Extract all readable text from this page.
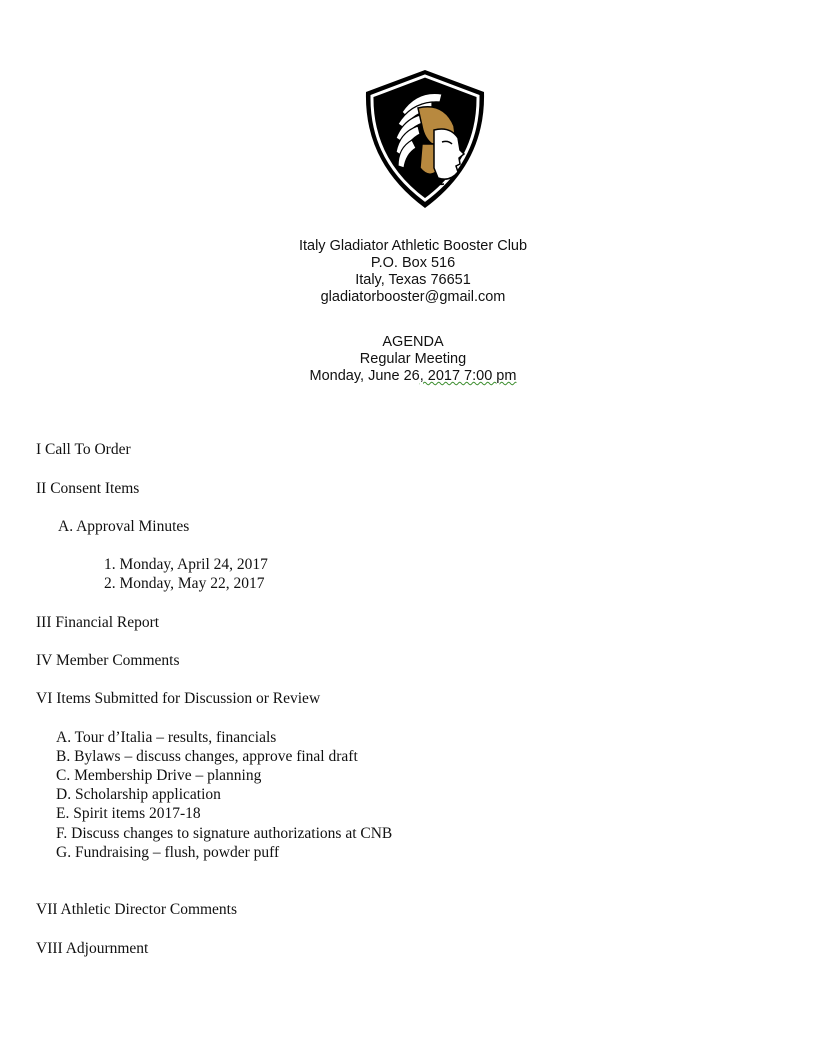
Italy Gladiator Athletic Booster Club
P.O. Box 516
Italy, Texas 76651
gladiatorbooster@gmail.com
AGENDA
Regular Meeting
Monday, June 26, 2017 7:00 pm
I Call To Order
II Consent Items
A. Approval Minutes
1. Monday, April 24, 2017
2. Monday, May 22, 2017
III Financial Report
IV Member Comments
VI Items Submitted for Discussion or Review
A. Tour d’Italia – results, financials
B. Bylaws – discuss changes, approve final draft
C. Membership Drive – planning
D. Scholarship application
E. Spirit items 2017-18
F. Discuss changes to signature authorizations at CNB
G. Fundraising – flush, powder puff
VII Athletic Director Comments
VIII Adjournment
